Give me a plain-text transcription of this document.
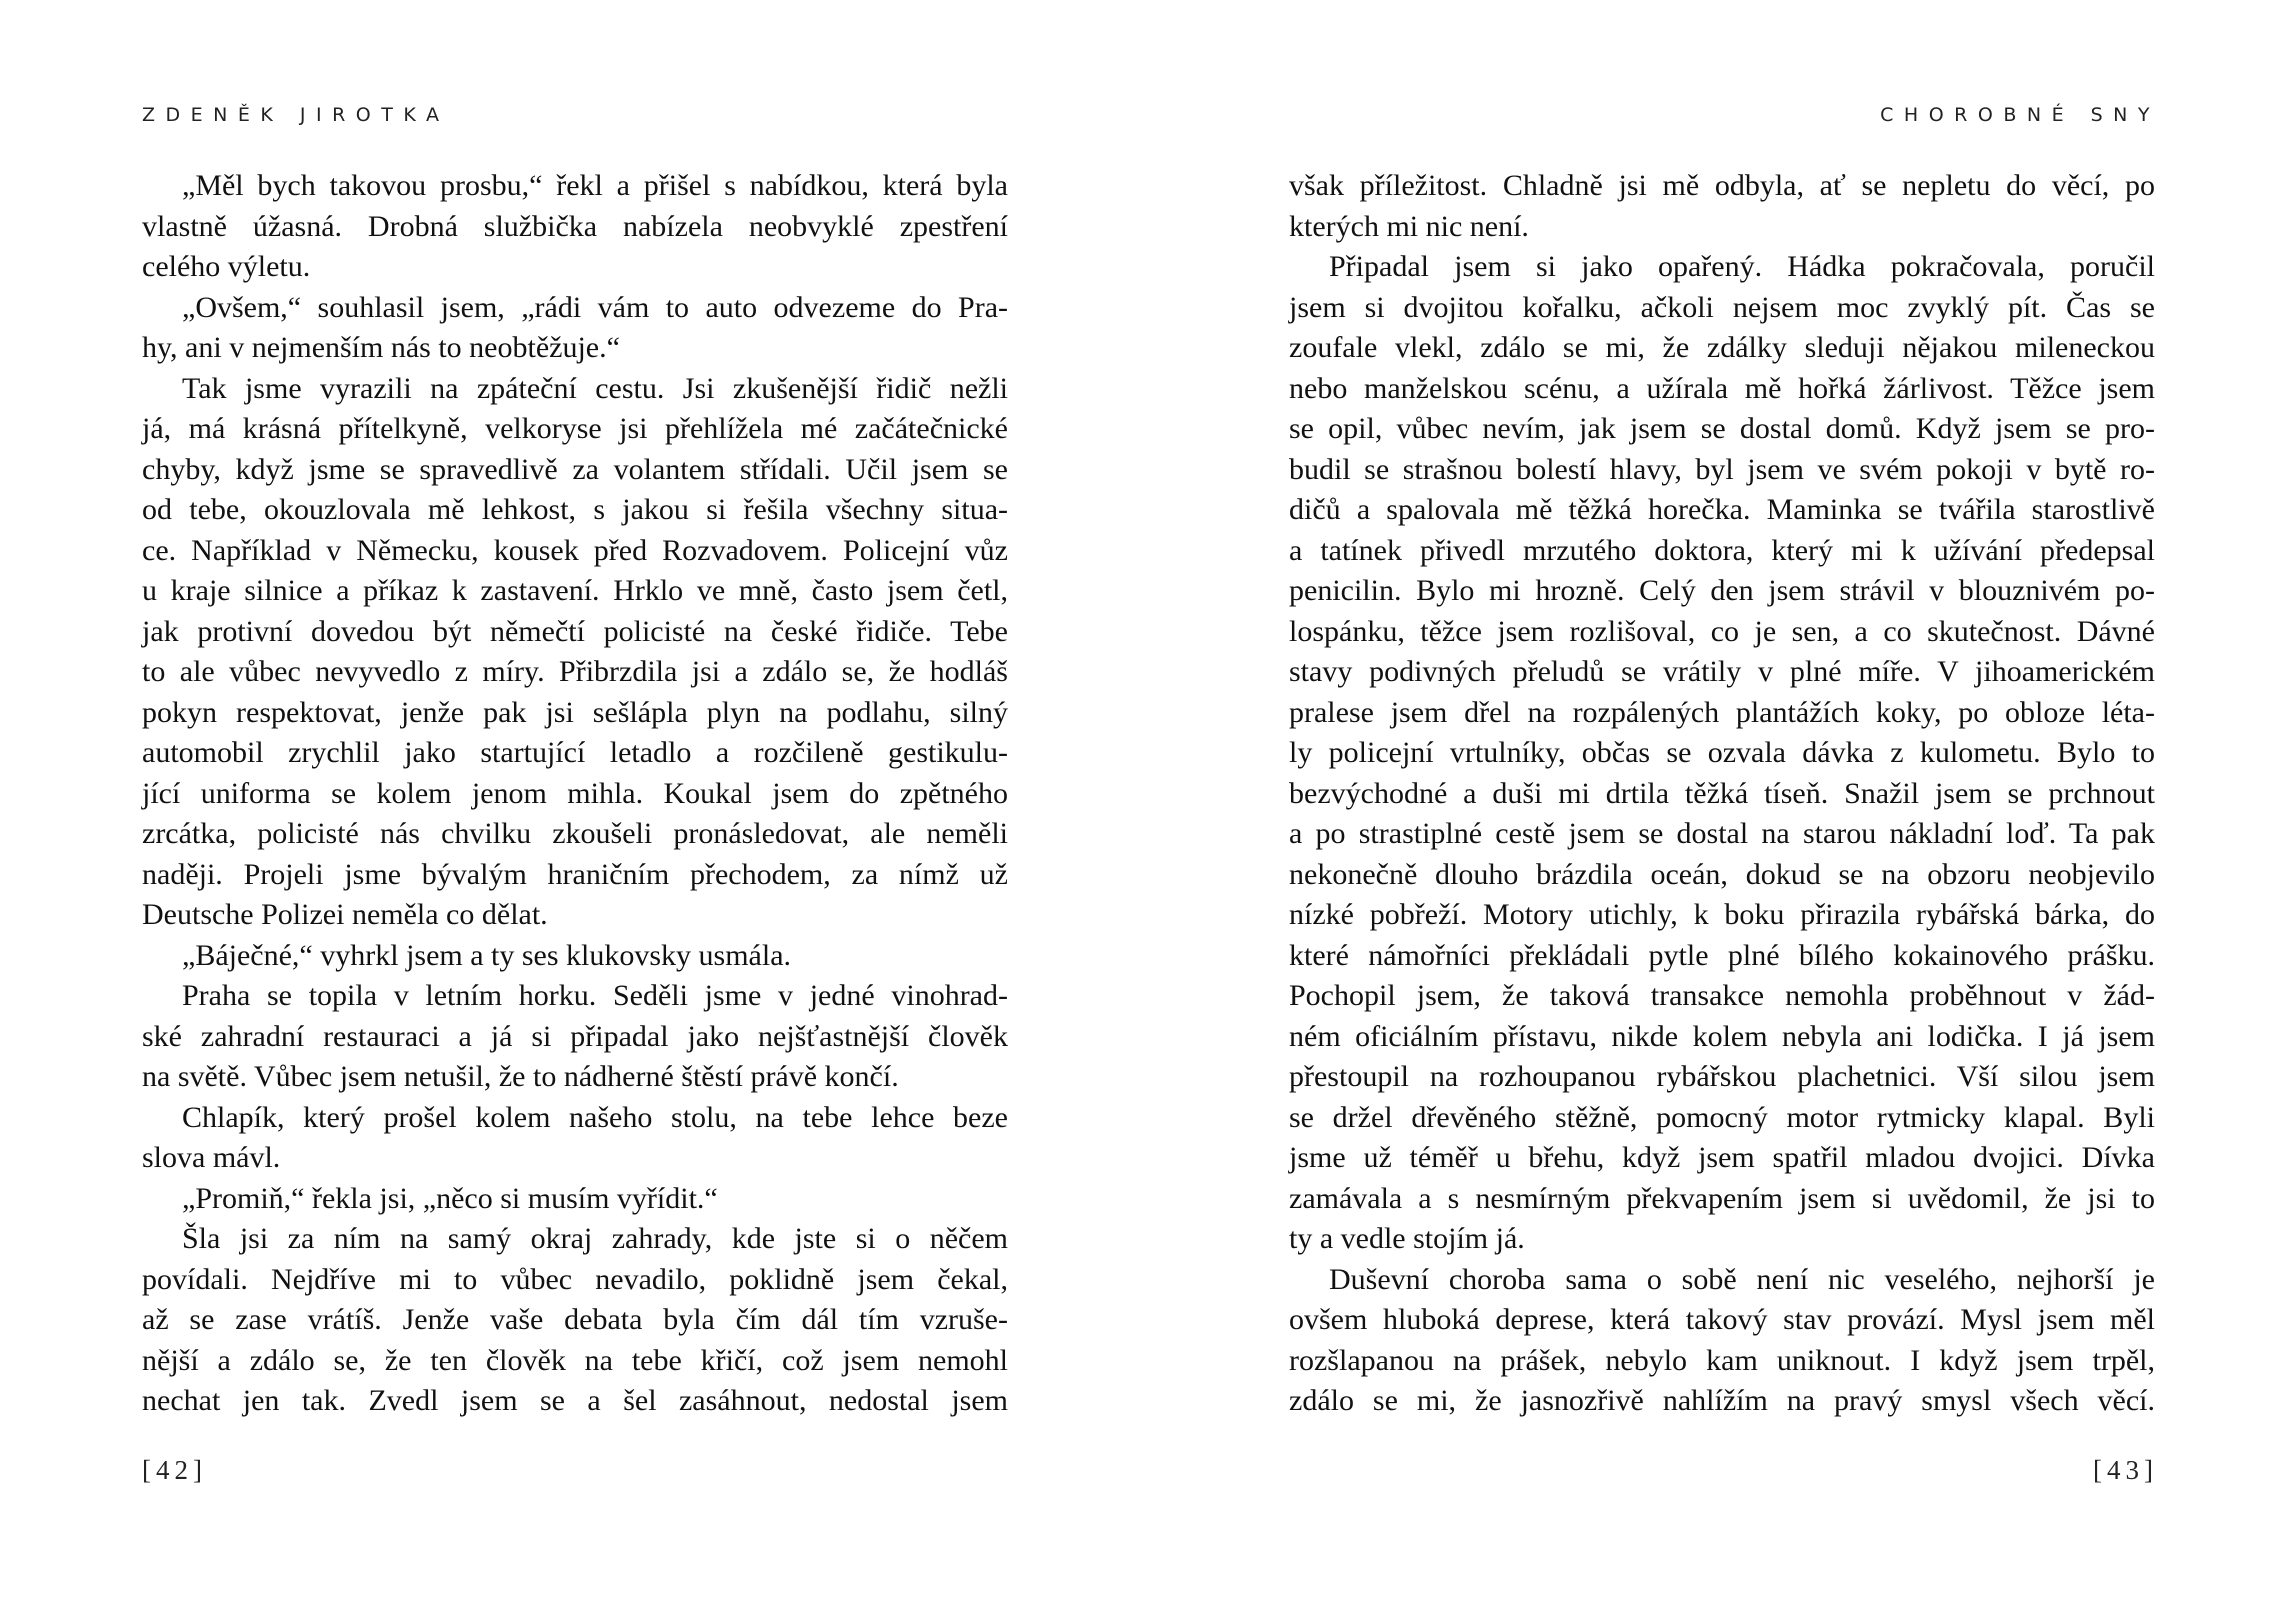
ZDENĚK JIROTKA	CHOROBNÉ SNY
„Měl bych takovou prosbu,“ řekl a přišel s nabídkou, která byla
vlastně úžasná. Drobná službička nabízela neobvyklé zpestření
celého výletu.
„Ovšem,“ souhlasil jsem, „rádi vám to auto odvezeme do Pra-
hy, ani v nejmenším nás to neobtěžuje.“
Tak jsme vyrazili na zpáteční cestu. Jsi zkušenější řidič nežli
já, má krásná přítelkyně, velkoryse jsi přehlížela mé začátečnické
chyby, když jsme se spravedlivě za volantem střídali. Učil jsem se
od tebe, okouzlovala mě lehkost, s jakou si řešila všechny situa-
ce. Například v Německu, kousek před Rozvadovem. Policejní vůz
u kraje silnice a příkaz k zastavení. Hrklo ve mně, často jsem četl,
jak protivní dovedou být němečtí policisté na české řidiče. Tebe
to ale vůbec nevyvedlo z míry. Přibrzdila jsi a zdálo se, že hodláš
pokyn respektovat, jenže pak jsi sešlápla plyn na podlahu, silný
automobil zrychlil jako startující letadlo a rozčileně gestikulu-
jící uniforma se kolem jenom mihla. Koukal jsem do zpětného
zrcátka, policisté nás chvilku zkoušeli pronásledovat, ale neměli
naději. Projeli jsme bývalým hraničním přechodem, za nímž už
Deutsche Polizei neměla co dělat.
„Báječné,“ vyhrkl jsem a ty ses klukovsky usmála.
Praha se topila v letním horku. Seděli jsme v jedné vinohrad-
ské zahradní restauraci a já si připadal jako nejšťastnější člověk
na světě. Vůbec jsem netušil, že to nádherné štěstí právě končí.
Chlapík, který prošel kolem našeho stolu, na tebe lehce beze
slova mávl.
„Promiň,“ řekla jsi, „něco si musím vyřídit.“
Šla jsi za ním na samý okraj zahrady, kde jste si o něčem
povídali. Nejdříve mi to vůbec nevadilo, poklidně jsem čekal,
až se zase vrátíš. Jenže vaše debata byla čím dál tím vzruše-
nější a zdálo se, že ten člověk na tebe křičí, což jsem nemohl
nechat jen tak. Zvedl jsem se a šel zasáhnout, nedostal jsem
však příležitost. Chladně jsi mě odbyla, ať se nepletu do věcí, po
kterých mi nic není.
Připadal jsem si jako opařený. Hádka pokračovala, poručil
jsem si dvojitou kořalku, ačkoli nejsem moc zvyklý pít. Čas se
zoufale vlekl, zdálo se mi, že zdálky sleduji nějakou mileneckou
nebo manželskou scénu, a užírala mě hořká žárlivost. Těžce jsem
se opil, vůbec nevím, jak jsem se dostal domů. Když jsem se pro-
budil se strašnou bolestí hlavy, byl jsem ve svém pokoji v bytě ro-
dičů a spalovala mě těžká horečka. Maminka se tvářila starostlivě
a tatínek přivedl mrzutého doktora, který mi k užívání předepsal
penicilin. Bylo mi hrozně. Celý den jsem strávil v blouznivém po-
lospánku, těžce jsem rozlišoval, co je sen, a co skutečnost. Dávné
stavy podivných přeludů se vrátily v plné míře. V jihoamerickém
pralese jsem dřel na rozpálených plantážích koky, po obloze léta-
ly policejní vrtulníky, občas se ozvala dávka z kulometu. Bylo to
bezvýchodné a duši mi drtila těžká tíseň. Snažil jsem se prchnout
a po strastiplné cestě jsem se dostal na starou nákladní loď. Ta pak
nekonečně dlouho brázdila oceán, dokud se na obzoru neobjevilo
nízké pobřeží. Motory utichly, k boku přirazila rybářská bárka, do
které námořníci překládali pytle plné bílého kokainového prášku.
Pochopil jsem, že taková transakce nemohla proběhnout v žád-
ném oficiálním přístavu, nikde kolem nebyla ani lodička. I já jsem
přestoupil na rozhoupanou rybářskou plachetnici. Vší silou jsem
se držel dřevěného stěžně, pomocný motor rytmicky klapal. Byli
jsme už téměř u břehu, když jsem spatřil mladou dvojici. Dívka
zamávala a s nesmírným překvapením jsem si uvědomil, že jsi to
ty a vedle stojím já.
Duševní choroba sama o sobě není nic veselého, nejhorší je
ovšem hluboká deprese, která takový stav provází. Mysl jsem měl
rozšlapanou na prášek, nebylo kam uniknout. I když jsem trpěl,
zdálo se mi, že jasnozřivě nahlížím na pravý smysl všech věcí.
[42]	[43]
